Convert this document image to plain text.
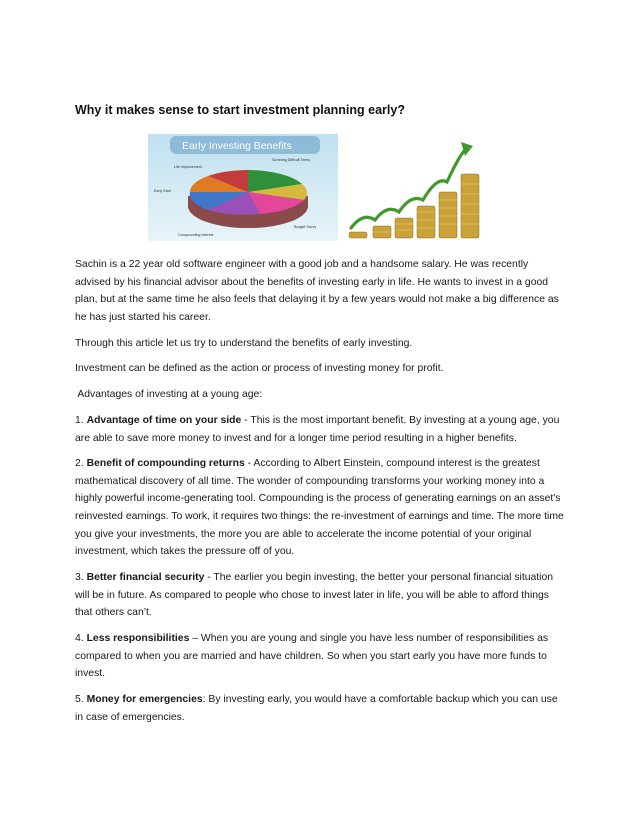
Why it makes sense to start investment planning early?
Early Investing Benefits
Life Improvement
Surviving Difficult Times
Early Start
Budget Savvy
Compounding Interest

Sachin is a 22 year old software engineer with a good job and a handsome salary. He was recently advised by his financial advisor about the benefits of investing early in life. He wants to invest in a good plan, but at the same time he also feels that delaying it by a few years would not make a big difference as he has just started his career.

Through this article let us try to understand the benefits of early investing.

Investment can be defined as the action or process of investing money for profit.

Advantages of investing at a young age:

1. Advantage of time on your side - This is the most important benefit. By investing at a young age, you are able to save more money to invest and for a longer time period resulting in a higher benefits.

2. Benefit of compounding returns - According to Albert Einstein, compound interest is the greatest mathematical discovery of all time. The wonder of compounding transforms your working money into a highly powerful income-generating tool. Compounding is the process of generating earnings on an asset's reinvested earnings. To work, it requires two things: the re-investment of earnings and time. The more time you give your investments, the more you are able to accelerate the income potential of your original investment, which takes the pressure off of you.

3. Better financial security - The earlier you begin investing, the better your personal financial situation will be in future. As compared to people who chose to invest later in life, you will be able to afford things that others can’t.

4. Less responsibilities – When you are young and single you have less number of responsibilities as compared to when you are married and have children. So when you start early you have more funds to invest.

5. Money for emergencies: By investing early, you would have a comfortable backup which you can use in case of emergencies.
